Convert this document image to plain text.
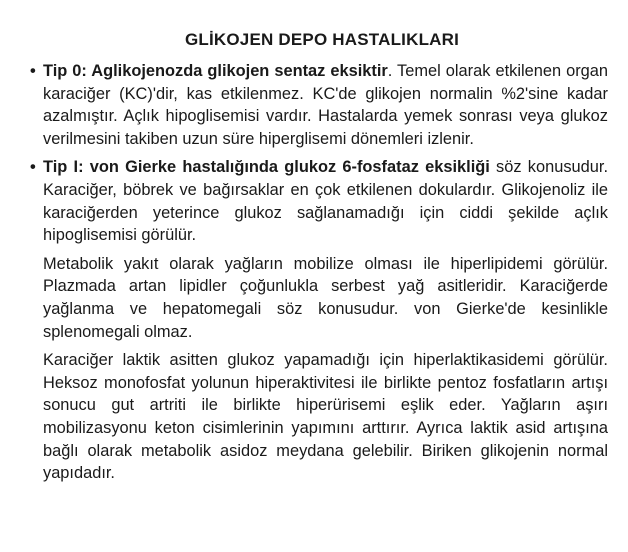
GLİKOJEN DEPO HASTALIKLARI

• Tip 0: Aglikojenozda glikojen sentaz eksiktir. Temel olarak etkilenen organ karaciğer (KC)'dir, kas etkilenmez. KC'de glikojen normalin %2'sine kadar azalmıştır. Açlık hipoglisemisi vardır. Hastalarda yemek sonrası veya glukoz verilmesini takiben uzun süre hiperglisemi dönemleri izlenir.

• Tip I: von Gierke hastalığında glukoz 6-fosfataz eksikliği söz konusudur. Karaciğer, böbrek ve bağırsaklar en çok etkilenen dokulardır. Glikojenoliz ile karaciğerden yeterince glukoz sağlanamadığı için ciddi şekilde açlık hipoglisemisi görülür.

Metabolik yakıt olarak yağların mobilize olması ile hiperlipidemi görülür. Plazmada artan lipidler çoğunlukla serbest yağ asitleridir. Karaciğerde yağlanma ve hepatomegali söz konusudur. von Gierke'de kesinlikle splenomegali olmaz.

Karaciğer laktik asitten glukoz yapamadığı için hiperlaktikasidemi görülür. Heksoz monofosfat yolunun hiperaktivitesi ile birlikte pentoz fosfatların artışı sonucu gut artriti ile birlikte hiperürisemi eşlik eder. Yağların aşırı mobilizasyonu keton cisimlerinin yapımını arttırır. Ayrıca laktik asid artışına bağlı olarak metabolik asidoz meydana gelebilir. Biriken glikojenin normal yapıdadır.
